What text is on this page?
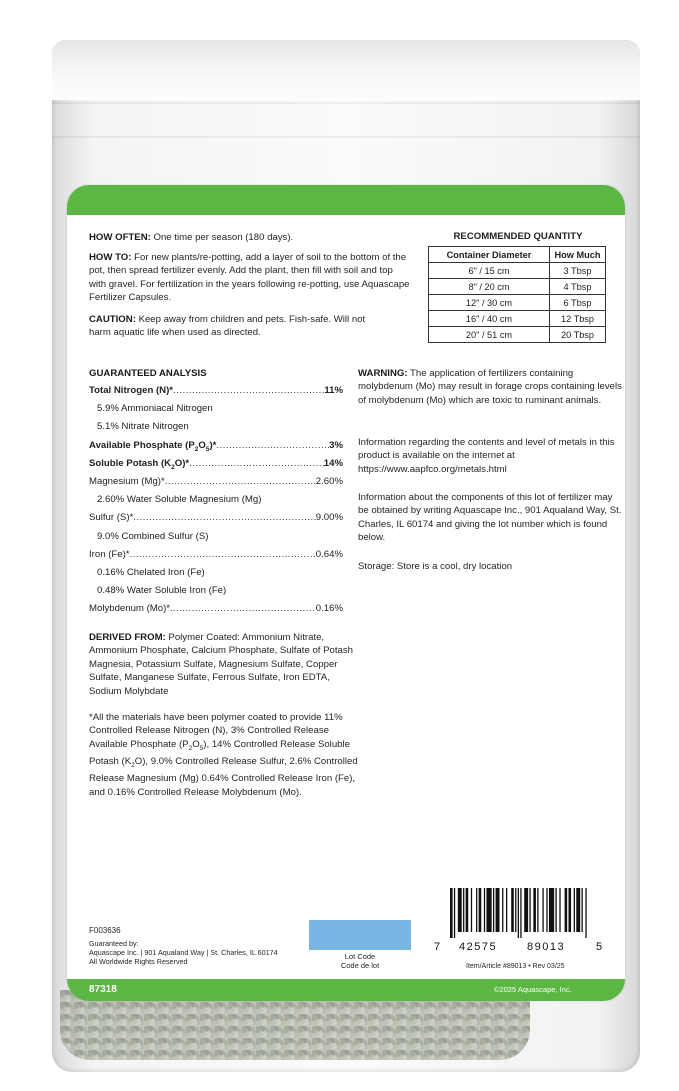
HOW OFTEN: One time per season (180 days).
HOW TO: For new plants/re-potting, add a layer of soil to the bottom of the pot, then spread fertilizer evenly. Add the plant, then fill with soil and top with gravel. For fertilization in the years following re-potting, use Aquascape Fertilizer Capsules.
CAUTION: Keep away from children and pets. Fish-safe. Will not harm aquatic life when used as directed.
RECOMMENDED QUANTITY
Container Diameter	How Much
6" / 15 cm	3 Tbsp
8" / 20 cm	4 Tbsp
12" / 30 cm	6 Tbsp
16" / 40 cm	12 Tbsp
20" / 51 cm	20 Tbsp
GUARANTEED ANALYSIS
Total Nitrogen (N)* .....	11%
5.9% Ammoniacal Nitrogen
5.1% Nitrate Nitrogen
Available Phosphate $(P_2O_5)*$ .....	3%
Soluble Potash $(K_2O)*$ .....	14%
Magnesium (Mg)* .....	2.60%
2.60% Water Soluble Magnesium (Mg)
Sulfur (S)* .....	9.00%
9.0% Combined Sulfur (S)
Iron (Fe)* .....	0.64%
0.16% Chelated Iron (Fe)
0.48% Water Soluble Iron (Fe)
Molybdenum (Mo)*. .....	0.16%
DERIVED FROM: Polymer Coated: Ammonium Nitrate, Ammonium Phosphate, Calcium Phosphate, Sulfate of Potash Magnesia, Potassium Sulfate, Magnesium Sulfate, Copper Sulfate, Manganese Sulfate, Ferrous Sulfate, Iron EDTA, Sodium Molybdate
*All the materials have been polymer coated to provide 11% Controlled Release Nitrogen (N), 3% Controlled Release Available Phosphate $(P_2O_5)$, 14% Controlled Release Soluble Potash $(K_2O)$, 9.0% Controlled Release Sulfur, 2.6% Controlled Release Magnesium (Mg) 0.64% Controlled Release Iron (Fe), and 0.16% Controlled Release Molybdenum (Mo).
WARNING: The application of fertilizers containing molybdenum (Mo) may result in forage crops containing levels of molybdenum (Mo) which are toxic to ruminant animals.
Information regarding the contents and level of metals in this product is available on the internet at https://www.aapfco.org/metals.html
Information about the components of this lot of fertilizer may be obtained by writing Aquascape Inc., 901 Aqualand Way, St. Charles, IL 60174 and giving the lot number which is found below.
Storage: Store is a cool, dry location
F003636
Guaranteed by:
Aquascape Inc. | 901 Aqualand Way | St. Charles, IL 60174
All Worldwide Rights Reserved
Lot Code
Code de lot
7 42575	89013	5
Item/Article #89013 • Rev 03/25
87318	©2025 Aquascape, Inc.
